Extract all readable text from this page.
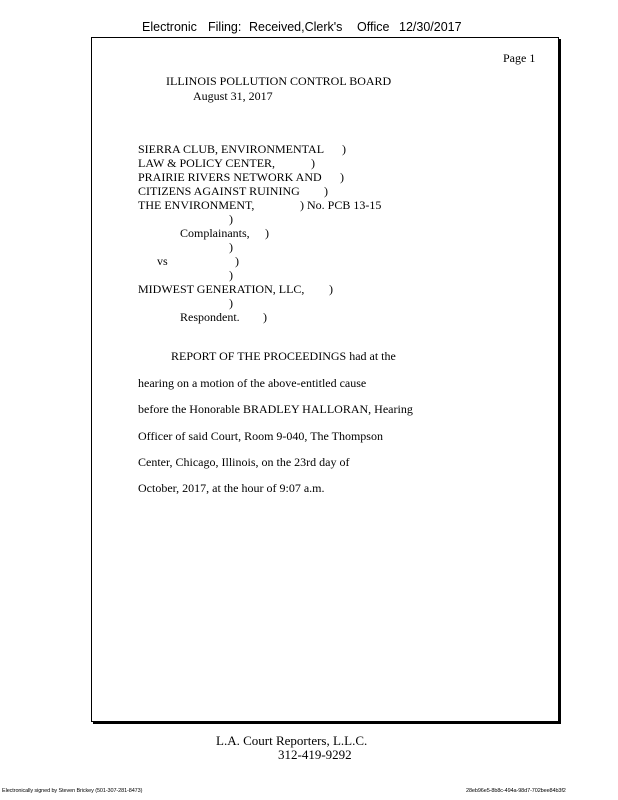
Electronic Filing: Received,Clerk's Office 12/30/2017
Page 1
ILLINOIS POLLUTION CONTROL BOARD
August 31, 2017
SIERRA CLUB, ENVIRONMENTAL )
LAW & POLICY CENTER,	)
PRAIRIE RIVERS NETWORK AND )
CITIZENS AGAINST RUINING )
THE ENVIRONMENT,	) No. PCB 13-15
)
Complainants, )
)
vs	)
)
MIDWEST GENERATION, LLC, )
)
Respondent. )
REPORT OF THE PROCEEDINGS had at the
hearing on a motion of the above-entitled cause
before the Honorable BRADLEY HALLORAN, Hearing
Officer of said Court, Room 9-040, The Thompson
Center, Chicago, Illinois, on the 23rd day of
October, 2017, at the hour of 9:07 a.m.
L.A. Court Reporters, L.L.C.
312-419-9292
Electronically signed by Steven Brickey (501-307-281-8473)	28eb96e5-8b8c-494a-98d7-702bee84b3f2
